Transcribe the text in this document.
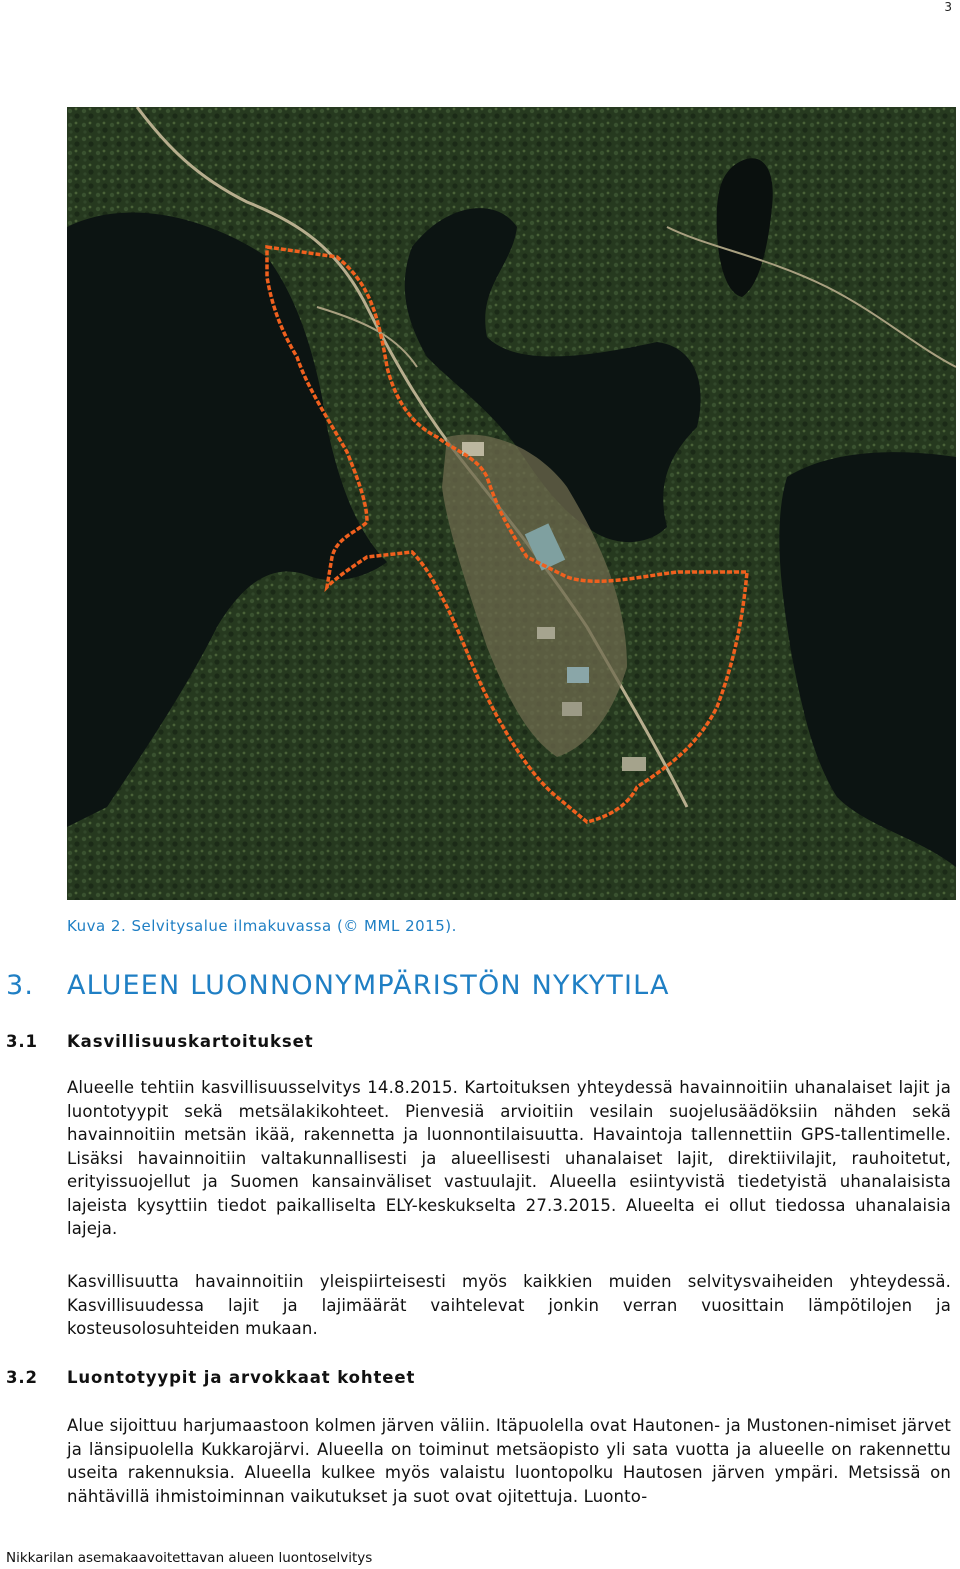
3
Kuva 2. Selvitysalue ilmakuvassa (© MML 2015).
3. ALUEEN LUONNONYMPÄRISTÖN NYKYTILA
3.1 Kasvillisuuskartoitukset

Alueelle tehtiin kasvillisuusselvitys 14.8.2015. Kartoituksen yhteydessä havainnoitiin uhanalaiset lajit ja luontotyypit sekä metsälakikohteet. Pienvesiä arvioitiin vesilain suojelusäädöksiin nähden sekä havainnoitiin metsän ikää, rakennetta ja luonnontilaisuutta. Havaintoja tallennettiin GPS-tallentimelle. Lisäksi havainnoitiin valtakunnallisesti ja alueellisesti uhanalaiset lajit, direktiivilajit, rauhoitetut, erityissuojellut ja Suomen kansainväliset vastuulajit. Alueella esiintyvistä tiedetyistä uhanalaisista lajeista kysyttiin tiedot paikalliselta ELY-keskukselta 27.3.2015. Alueelta ei ollut tiedossa uhanalaisia lajeja.

Kasvillisuutta havainnoitiin yleispiirteisesti myös kaikkien muiden selvitysvaiheiden yhteydessä. Kasvillisuudessa lajit ja lajimäärät vaihtelevat jonkin verran vuosittain lämpötilojen ja kosteusolosuhteiden mukaan.

3.2 Luontotyypit ja arvokkaat kohteet

Alue sijoittuu harjumaastoon kolmen järven väliin. Itäpuolella ovat Hautonen- ja Mustonen-nimiset järvet ja länsipuolella Kukkarojärvi. Alueella on toiminut metsäopisto yli sata vuotta ja alueelle on rakennettu useita rakennuksia. Alueella kulkee myös valaistu luontopolku Hautosen järven ympäri. Metsissä on nähtävillä ihmistoiminnan vaikutukset ja suot ovat ojitettuja. Luonto-

Nikkarilan asemakaavoitettavan alueen luontoselvitys
